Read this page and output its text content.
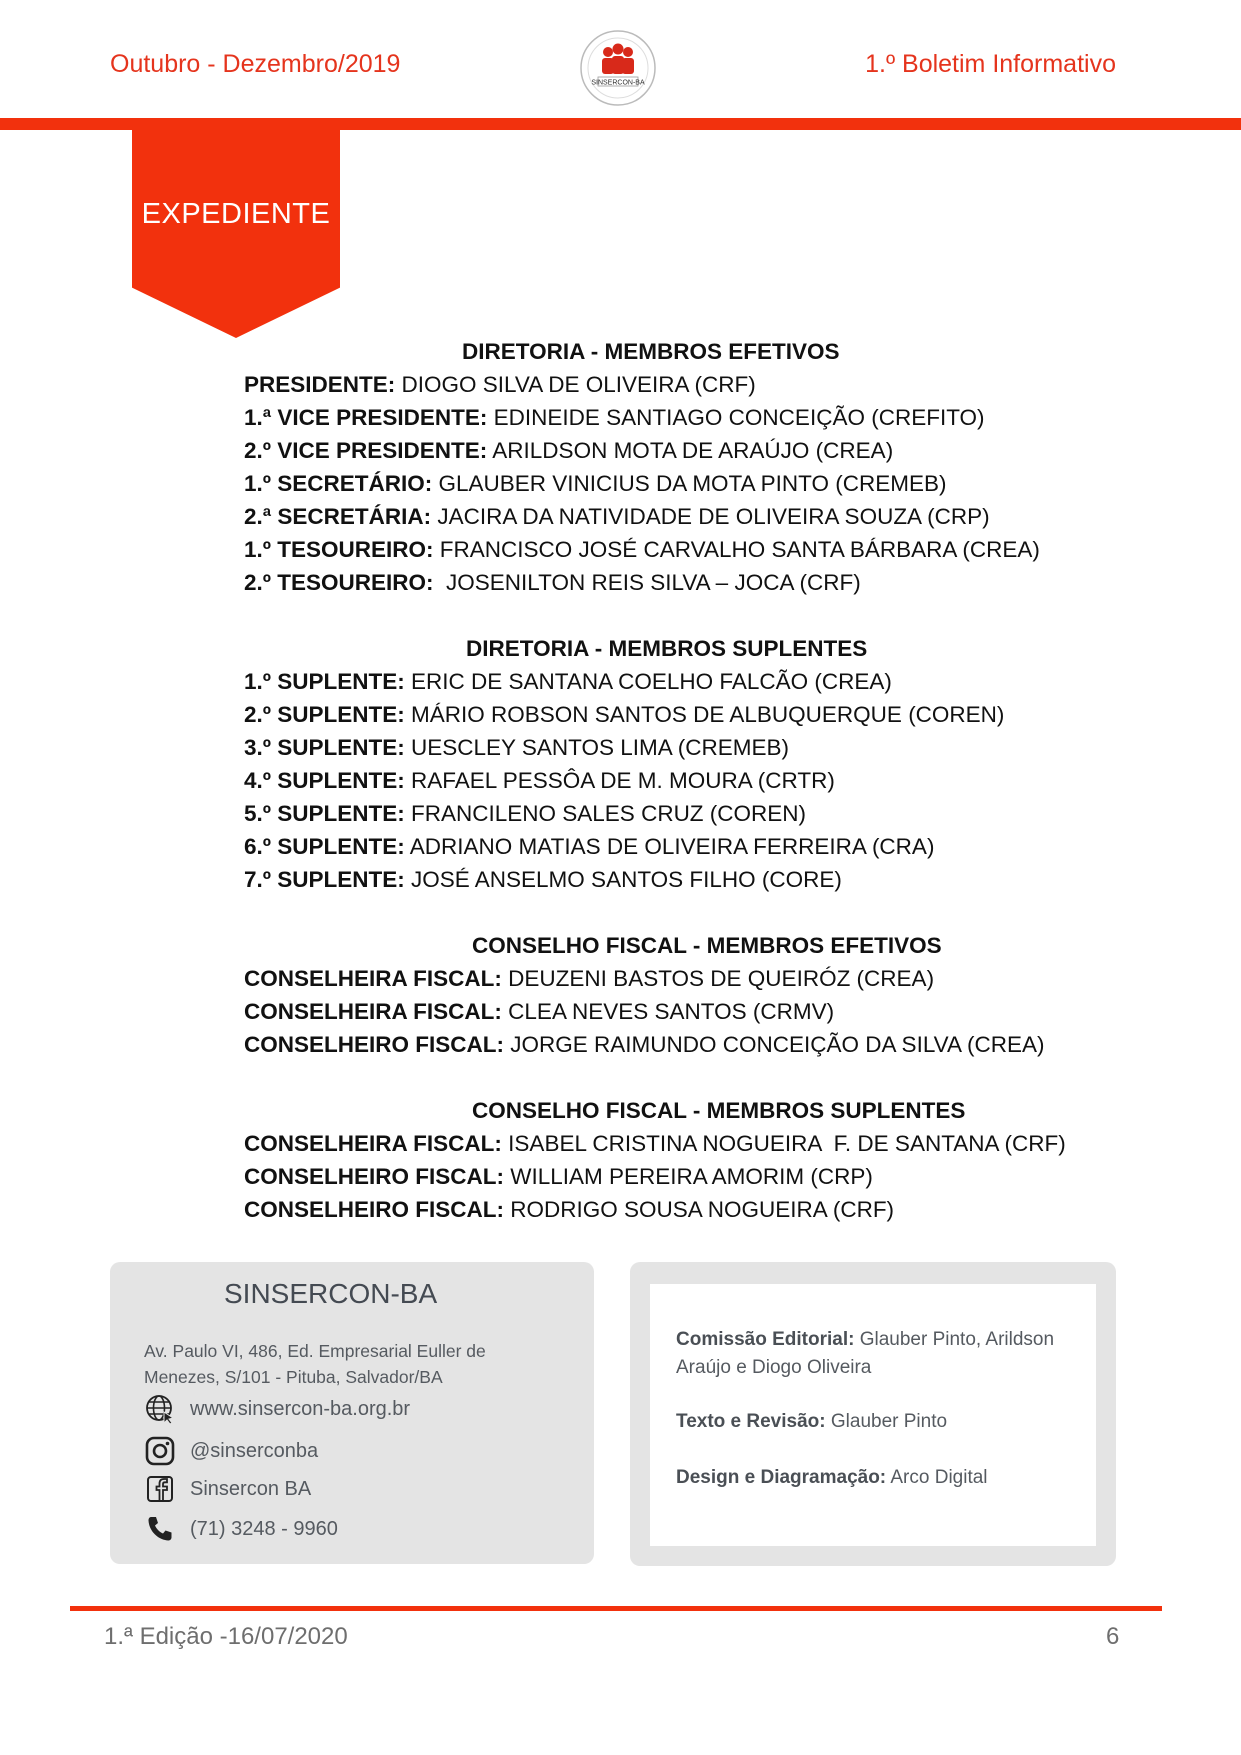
Outubro - Dezembro/2019
SINSERCON-BA
1.º Boletim Informativo
EXPEDIENTE
DIRETORIA - MEMBROS EFETIVOS
PRESIDENTE: DIOGO SILVA DE OLIVEIRA (CRF)
1.ª VICE PRESIDENTE: EDINEIDE SANTIAGO CONCEIÇÃO (CREFITO)
2.º VICE PRESIDENTE: ARILDSON MOTA DE ARAÚJO (CREA)
1.º SECRETÁRIO: GLAUBER VINICIUS DA MOTA PINTO (CREMEB)
2.ª SECRETÁRIA: JACIRA DA NATIVIDADE DE OLIVEIRA SOUZA (CRP)
1.º TESOUREIRO: FRANCISCO JOSÉ CARVALHO SANTA BÁRBARA (CREA)
2.º TESOUREIRO:  JOSENILTON REIS SILVA – JOCA (CRF)
DIRETORIA - MEMBROS SUPLENTES
1.º SUPLENTE: ERIC DE SANTANA COELHO FALCÃO (CREA)
2.º SUPLENTE: MÁRIO ROBSON SANTOS DE ALBUQUERQUE (COREN)
3.º SUPLENTE: UESCLEY SANTOS LIMA (CREMEB)
4.º SUPLENTE: RAFAEL PESSÔA DE M. MOURA (CRTR)
5.º SUPLENTE: FRANCILENO SALES CRUZ (COREN)
6.º SUPLENTE: ADRIANO MATIAS DE OLIVEIRA FERREIRA (CRA)
7.º SUPLENTE: JOSÉ ANSELMO SANTOS FILHO (CORE)
CONSELHO FISCAL - MEMBROS EFETIVOS
CONSELHEIRA FISCAL: DEUZENI BASTOS DE QUEIRÓZ (CREA)
CONSELHEIRA FISCAL: CLEA NEVES SANTOS (CRMV)
CONSELHEIRO FISCAL: JORGE RAIMUNDO CONCEIÇÃO DA SILVA (CREA)
CONSELHO FISCAL - MEMBROS SUPLENTES
CONSELHEIRA FISCAL: ISABEL CRISTINA NOGUEIRA  F. DE SANTANA (CRF)
CONSELHEIRO FISCAL: WILLIAM PEREIRA AMORIM (CRP)
CONSELHEIRO FISCAL: RODRIGO SOUSA NOGUEIRA (CRF)
SINSERCON-BA
Av. Paulo VI, 486, Ed. Empresarial Euller de Menezes, S/101 - Pituba, Salvador/BA
www.sinsercon-ba.org.br
@sinserconba
Sinsercon BA
(71) 3248 - 9960
Comissão Editorial: Glauber Pinto, Arildson Araújo e Diogo Oliveira
Texto e Revisão: Glauber Pinto
Design e Diagramação: Arco Digital
1.ª Edição -16/07/2020	6
